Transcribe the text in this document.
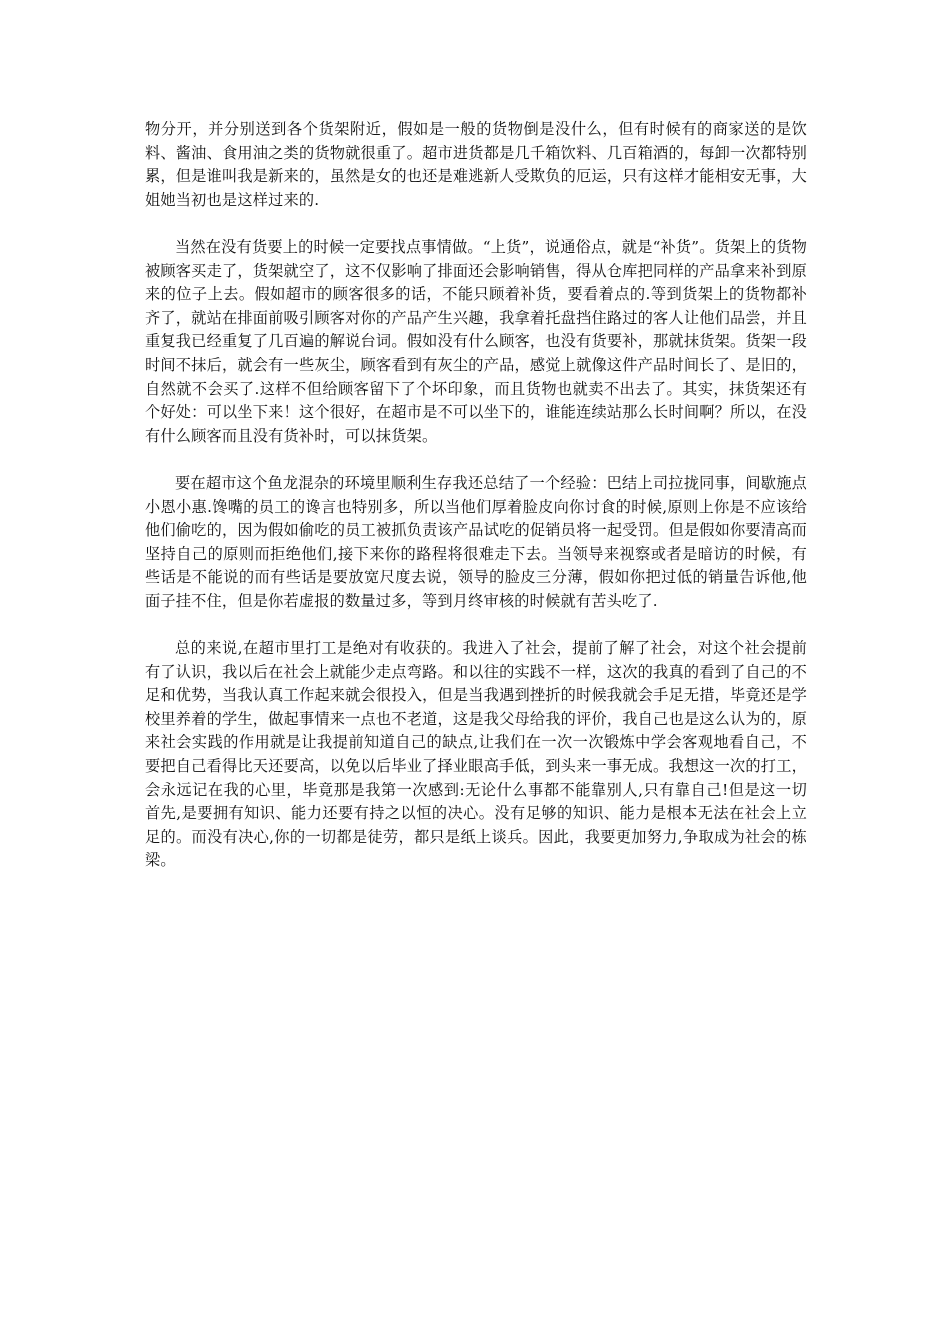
物分开，并分别送到各个货架附近，假如是一般的货物倒是没什么，但有时候有的商家送的是饮料、酱油、食用油之类的货物就很重了。超市进货都是几千箱饮料、几百箱酒的，每卸一次都特别累，但是谁叫我是新来的，虽然是女的也还是难逃新人受欺负的厄运，只有这样才能相安无事，大姐她当初也是这样过来的.

当然在没有货要上的时候一定要找点事情做。“上货”，说通俗点，就是“补货”。货架上的货物被顾客买走了，货架就空了，这不仅影响了排面还会影响销售，得从仓库把同样的产品拿来补到原来的位子上去。假如超市的顾客很多的话，不能只顾着补货，要看着点的.等到货架上的货物都补齐了，就站在排面前吸引顾客对你的产品产生兴趣，我拿着托盘挡住路过的客人让他们品尝，并且重复我已经重复了几百遍的解说台词。假如没有什么顾客，也没有货要补，那就抹货架。货架一段时间不抹后，就会有一些灰尘，顾客看到有灰尘的产品，感觉上就像这件产品时间长了、是旧的，自然就不会买了.这样不但给顾客留下了个坏印象，而且货物也就卖不出去了。其实，抹货架还有个好处：可以坐下来！这个很好，在超市是不可以坐下的，谁能连续站那么长时间啊？所以，在没有什么顾客而且没有货补时，可以抹货架。

要在超市这个鱼龙混杂的环境里顺利生存我还总结了一个经验：巴结上司拉拢同事，间歇施点小恩小惠.馋嘴的员工的谗言也特别多，所以当他们厚着脸皮向你讨食的时候,原则上你是不应该给他们偷吃的，因为假如偷吃的员工被抓负责该产品试吃的促销员将一起受罚。但是假如你要清高而坚持自己的原则而拒绝他们,接下来你的路程将很难走下去。当领导来视察或者是暗访的时候，有些话是不能说的而有些话是要放宽尺度去说，领导的脸皮三分薄，假如你把过低的销量告诉他,他面子挂不住，但是你若虚报的数量过多，等到月终审核的时候就有苦头吃了.

总的来说,在超市里打工是绝对有收获的。我进入了社会，提前了解了社会，对这个社会提前有了认识，我以后在社会上就能少走点弯路。和以往的实践不一样，这次的我真的看到了自己的不足和优势，当我认真工作起来就会很投入，但是当我遇到挫折的时候我就会手足无措，毕竟还是学校里养着的学生，做起事情来一点也不老道，这是我父母给我的评价，我自己也是这么认为的，原来社会实践的作用就是让我提前知道自己的缺点,让我们在一次一次锻炼中学会客观地看自己，不要把自己看得比天还要高，以免以后毕业了择业眼高手低，到头来一事无成。我想这一次的打工，会永远记在我的心里，毕竟那是我第一次感到:无论什么事都不能靠别人,只有靠自己!但是这一切首先,是要拥有知识、能力还要有持之以恒的决心。没有足够的知识、能力是根本无法在社会上立足的。而没有决心,你的一切都是徒劳，都只是纸上谈兵。因此，我要更加努力,争取成为社会的栋梁。
